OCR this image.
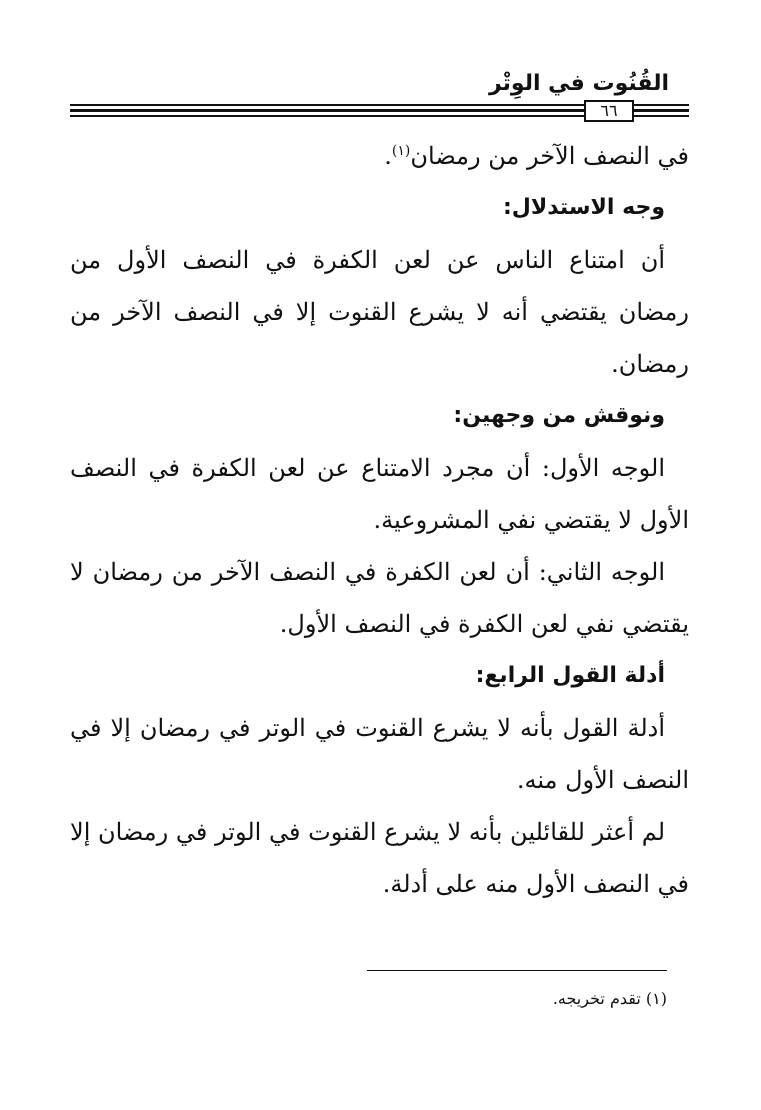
القُنُوت في الوِتْر
٦٦

في النصف الآخر من رمضان$^{(١)}$.

وجه الاستدلال:

أن امتناع الناس عن لعن الكفرة في النصف الأول من رمضان يقتضي أنه لا يشرع القنوت إلا في النصف الآخر من رمضان.

ونوقش من وجهين:

الوجه الأول: أن مجرد الامتناع عن لعن الكفرة في النصف الأول لا يقتضي نفي المشروعية.

الوجه الثاني: أن لعن الكفرة في النصف الآخر من رمضان لا يقتضي نفي لعن الكفرة في النصف الأول.

أدلة القول الرابع:

أدلة القول بأنه لا يشرع القنوت في الوتر في رمضان إلا في النصف الأول منه.

لم أعثر للقائلين بأنه لا يشرع القنوت في الوتر في رمضان إلا في النصف الأول منه على أدلة.

(١) تقدم تخريجه.
